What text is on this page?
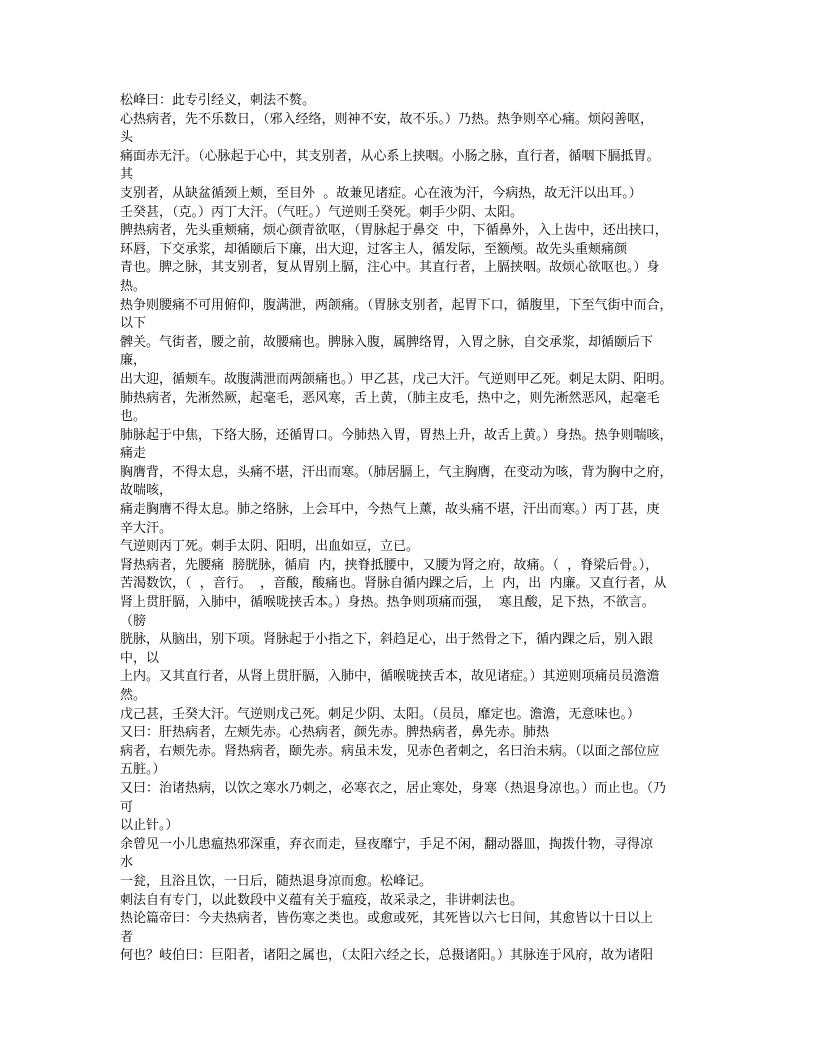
松峰曰：此专引经义，刺法不赘。
心热病者，先不乐数日，（邪入经络，则神不安，故不乐。）乃热。热争则卒心痛。烦闷善呕，
头
痛面赤无汗。（心脉起于心中，其支别者，从心系上挟咽。小肠之脉，直行者，循咽下膈抵胃。
其
支别者，从缺盆循颈上颊，至目外  。故兼见诸症。心在液为汗，今病热，故无汗以出耳。）
壬癸甚，（克。）丙丁大汗。（气旺。）气逆则壬癸死。刺手少阴、太阳。
脾热病者，先头重颊痛，烦心颜青欲呕，（胃脉起于鼻交  中，下循鼻外，入上齿中，还出挟口，
环唇，下交承浆，却循颐后下廉，出大迎，过客主人，循发际，至额颅。故先头重颊痛颜
青也。脾之脉，其支别者，复从胃别上膈，注心中。其直行者，上膈挟咽。故烦心欲呕也。）身
热。
热争则腰痛不可用俯仰，腹满泄，两颌痛。（胃脉支别者，起胃下口，循腹里，下至气街中而合，
以下
髀关。气街者，腰之前，故腰痛也。脾脉入腹，属脾络胃，入胃之脉，自交承浆，却循颐后下
廉，
出大迎，循颊车。故腹满泄而两颌痛也。）甲乙甚，戊己大汗。气逆则甲乙死。刺足太阴、阳明。
肺热病者，先淅然厥，起毫毛，恶风寒，舌上黄，（肺主皮毛，热中之，则先淅然恶风，起毫毛
也。
肺脉起于中焦，下络大肠，还循胃口。今肺热入胃，胃热上升，故舌上黄。）身热。热争则喘咳，
痛走
胸膺背，不得太息，头痛不堪，汗出而寒。（肺居膈上，气主胸膺，在变动为咳，背为胸中之府，
故喘咳，
痛走胸膺不得太息。肺之络脉，上会耳中，今热气上薰，故头痛不堪，汗出而寒。）丙丁甚，庚
辛大汗。
气逆则丙丁死。刺手太阴、阳明，出血如豆，立已。
肾热病者，先腰痛  膀胱脉，循肩  内，挟脊抵腰中，又腰为肾之府，故痛。（  ，脊梁后骨。），
苦渴数饮，（  ，音行。  ，音酸，酸痛也。肾脉自循内踝之后，上  内，出  内廉。又直行者，从
肾上贯肝膈，入肺中，循喉咙挟舌本。）身热。热争则项痛而强，  寒且酸，足下热，不欲言。
（膀
胱脉，从脑出，别下项。肾脉起于小指之下，斜趋足心，出于然骨之下，循内踝之后，别入跟
中，以
上内。又其直行者，从肾上贯肝膈，入肺中，循喉咙挟舌本，故见诸症。）其逆则项痛员员澹澹
然。
戊己甚，壬癸大汗。气逆则戊己死。刺足少阴、太阳。（员员，靡定也。澹澹，无意味也。）
又曰：肝热病者，左颊先赤。心热病者，颜先赤。脾热病者，鼻先赤。肺热
病者，右颊先赤。肾热病者，颐先赤。病虽未发，见赤色者刺之，名曰治未病。（以面之部位应
五脏。）
又曰：治诸热病，以饮之寒水乃刺之，必寒衣之，居止寒处，身寒（热退身凉也。）而止也。（乃
可
以止针。）
余曾见一小儿患瘟热邪深重，弃衣而走，昼夜靡宁，手足不闲，翻动器皿，掏拨什物，寻得凉
水
一瓮，且浴且饮，一日后，随热退身凉而愈。松峰记。
刺法自有专门，以此数段中义蕴有关于瘟疫，故采录之，非讲刺法也。
热论篇帝曰：今夫热病者，皆伤寒之类也。或愈或死，其死皆以六七日间，其愈皆以十日以上
者
何也？岐伯曰：巨阳者，诸阳之属也，（太阳六经之长，总摄诸阳。）其脉连于风府，故为诸阳
